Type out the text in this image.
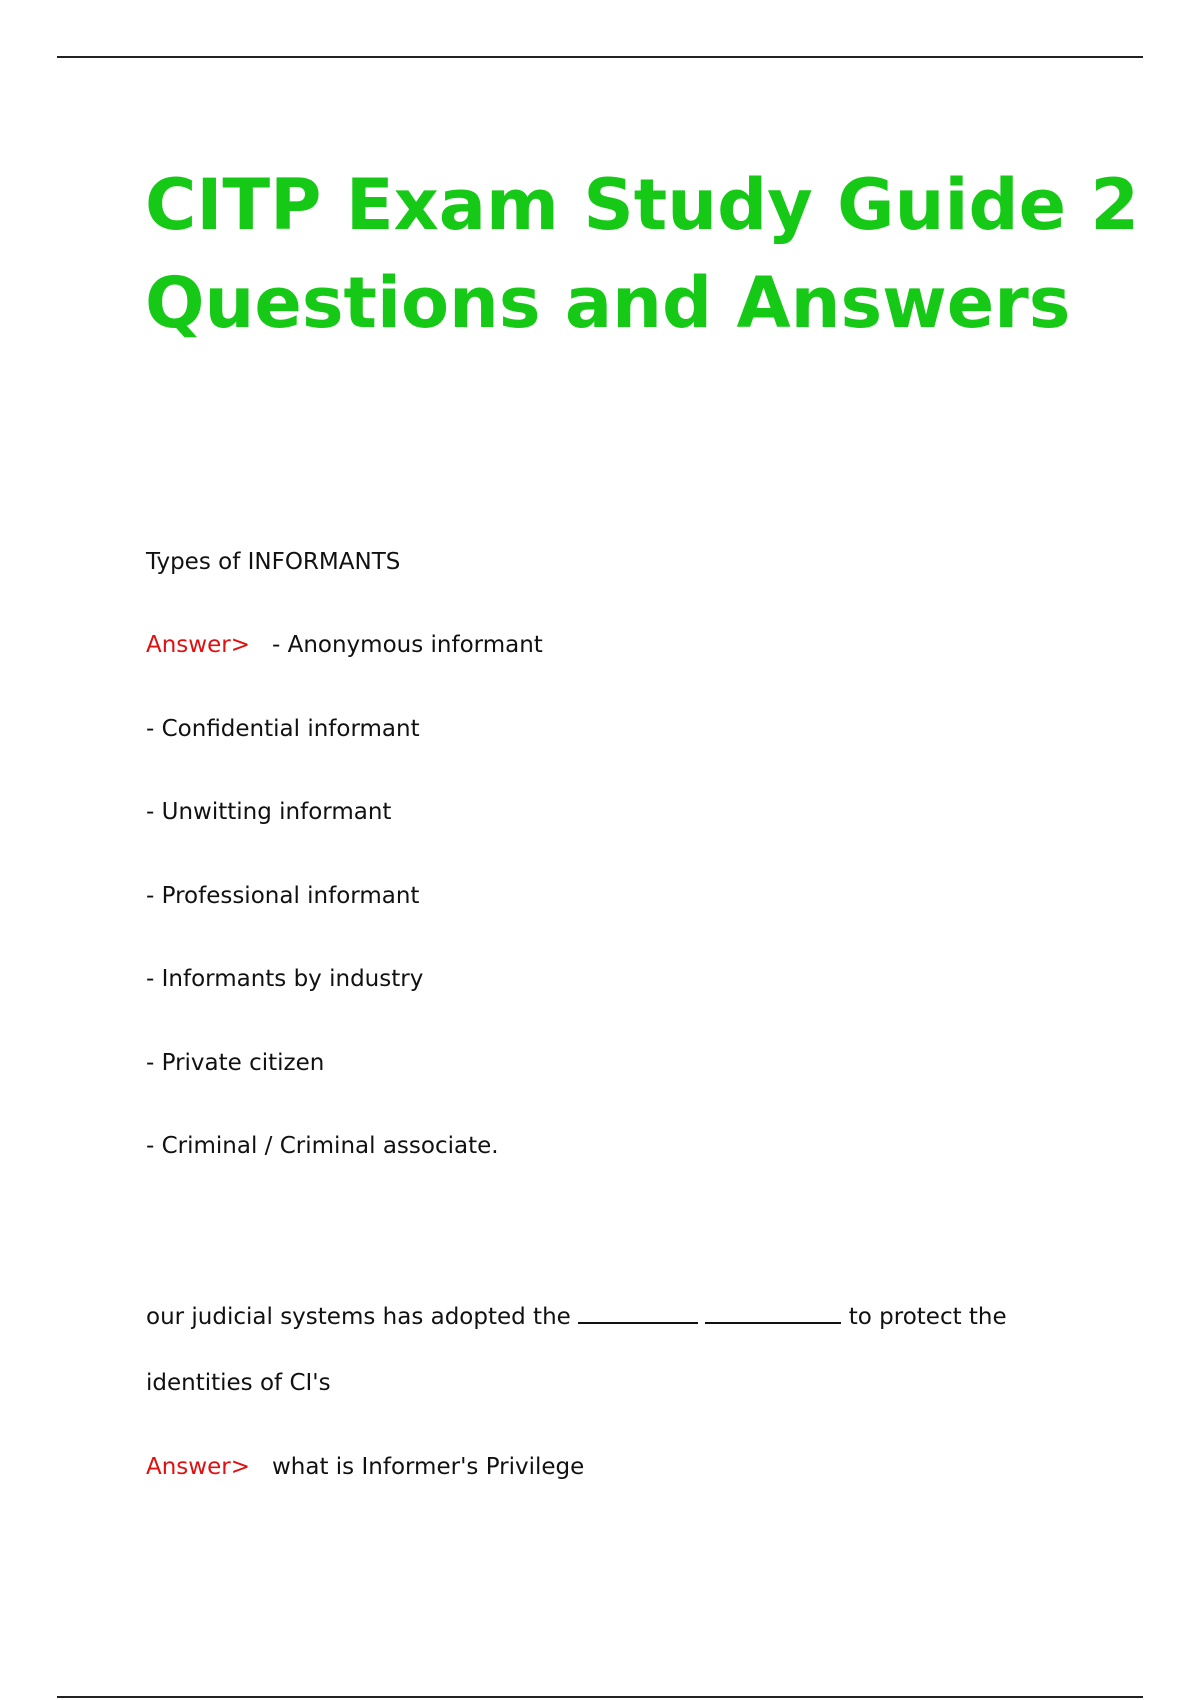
CITP Exam Study Guide 2
Questions and Answers
Types of INFORMANTS
Answer> - Anonymous informant
- Confidential informant
- Unwitting informant
- Professional informant
- Informants by industry
- Private citizen
- Criminal / Criminal associate.
our judicial systems has adopted the	to protect the
identities of CI's
Answer> what is Informer's Privilege
